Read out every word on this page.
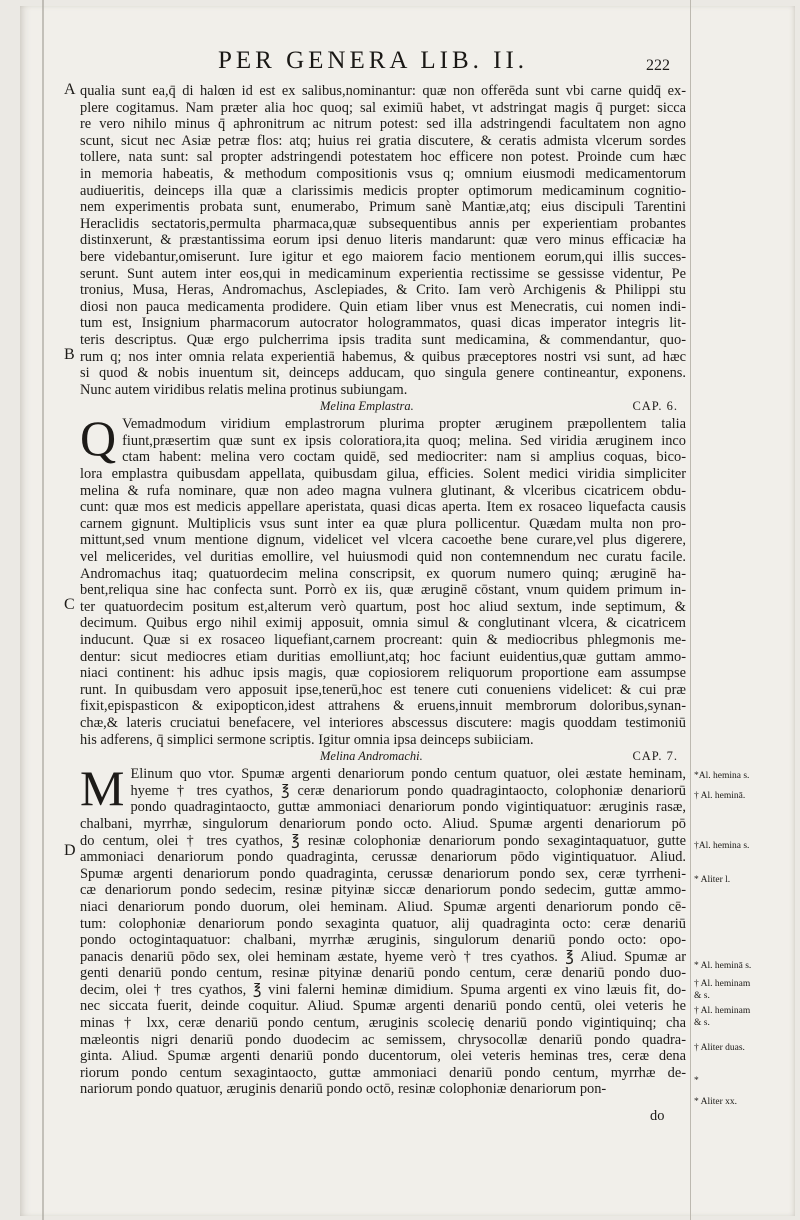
PER GENERA LIB. II.	222
A
B
C
D
qualia sunt ea,q̄ di halœn id est ex salibus,nominantur: quæ non offerēda sunt vbi carne quidq̄ ex-
plere cogitamus. Nam præter alia hoc quoq; sal eximiū habet, vt adstringat magis q̄ purget: sicca
re vero nihilo minus q̄ aphronitrum ac nitrum potest: sed illa adstringendi facultatem non agno
scunt, sicut nec Asiæ petræ flos: atq; huius rei gratia discutere, & ceratis admista vlcerum sordes
tollere, nata sunt: sal propter adstringendi potestatem hoc efficere non potest. Proinde cum hæc
in memoria habeatis, & methodum compositionis vsus q; omnium eiusmodi medicamentorum
audiueritis, deinceps illa quæ a clarissimis medicis propter optimorum medicaminum cognitio-
nem experimentis probata sunt, enumerabo, Primum sanè Mantiæ,atq; eius discipuli Tarentini
Heraclidis sectatoris,permulta pharmaca,quæ subsequentibus annis per experientiam probantes
distinxerunt, & præstantissima eorum ipsi denuo literis mandarunt: quæ vero minus efficaciæ ha
bere videbantur,omiserunt. Iure igitur et ego maiorem facio mentionem eorum,qui illis succes-
serunt. Sunt autem inter eos,qui in medicaminum experientia rectissime se gessisse videntur, Pe
tronius, Musa, Heras, Andromachus, Asclepiades, & Crito. Iam verò Archigenis & Philippi stu
diosi non pauca medicamenta prodidere. Quin etiam liber vnus est Menecratis, cui nomen indi-
tum est, Insignium pharmacorum autocrator hologrammatos, quasi dicas imperator integris lit-
teris descriptus. Quæ ergo pulcherrima ipsis tradita sunt medicamina, & commendantur, quo-
rum q; nos inter omnia relata experientiā habemus, & quibus præceptores nostri vsi sunt, ad hæc
si quod & nobis inuentum sit, deinceps adducam, quo singula genere contineantur, exponens.
Nunc autem viridibus relatis melina protinus subiungam.
Melina Emplastra.	CAP. 6.
Q Vemadmodum viridium emplastrorum plurima propter æruginem præpollentem talia
fiunt,præsertim quæ sunt ex ipsis coloratiora,ita quoq; melina. Sed viridia æruginem inco
ctam habent: melina vero coctam quidē, sed mediocriter: nam si amplius coquas, bico-
lora emplastra quibusdam appellata, quibusdam gilua, efficies. Solent medici viridia simpliciter
melina & rufa nominare, quæ non adeo magna vulnera glutinant, & vlceribus cicatricem obdu-
cunt: quæ mos est medicis appellare aperistata, quasi dicas aperta. Item ex rosaceo liquefacta causis
carnem gignunt. Multiplicis vsus sunt inter ea quæ plura pollicentur. Quædam multa non pro-
mittunt,sed vnum mentione dignum, videlicet vel vlcera cacoethe bene curare,vel plus digerere,
vel melicerides, vel duritias emollire, vel huiusmodi quid non contemnendum nec curatu facile.
Andromachus itaq; quatuordecim melina conscripsit, ex quorum numero quinq; æruginē ha-
bent,reliqua sine hac confecta sunt. Porrò ex iis, quæ æruginē cōstant, vnum quidem primum in-
ter quatuordecim positum est,alterum verò quartum, post hoc aliud sextum, inde septimum, &
decimum. Quibus ergo nihil eximij apposuit, omnia simul & conglutinant vlcera, & cicatricem
inducunt. Quæ si ex rosaceo liquefiant,carnem procreant: quin & mediocribus phlegmonis me-
dentur: sicut mediocres etiam duritias emolliunt,atq; hoc faciunt euidentius,quæ guttam ammo-
niaci continent: his adhuc ipsis magis, quæ copiosiorem reliquorum proportione eam assumpse
runt. In quibusdam vero apposuit ipse,tenerū,hoc est tenere cuti conueniens videlicet: & cui præ
fixit,epispasticon & exipopticon,idest attrahens & eruens,innuit membrorum doloribus,synan-
chæ,& lateris cruciatui benefacere, vel interiores abscessus discutere: magis quoddam testimoniū
his adferens, q̄ simplici sermone scriptis. Igitur omnia ipsa deinceps subiiciam.
Melina Andromachi.	CAP. 7.
M Elinum quo vtor. Spumæ argenti denariorum pondo centum quatuor, olei æstate heminam,
hyeme † tres cyathos, ℥ ceræ denariorum pondo quadragintaocto, colophoniæ denariorū
pondo quadragintaocto, guttæ ammoniaci denariorum pondo vigintiquatuor: æruginis rasæ,
chalbani, myrrhæ, singulorum denariorum pondo octo. Aliud. Spumæ argenti denariorum pō
do centum, olei † tres cyathos, ℥ resinæ colophoniæ denariorum pondo sexagintaquatuor, gutte
ammoniaci denariorum pondo quadraginta, cerussæ denariorum pōdo vigintiquatuor. Aliud.
Spumæ argenti denariorum pondo quadraginta, cerussæ denariorum pondo sex, ceræ tyrrheni-
cæ denariorum pondo sedecim, resinæ pityinæ siccæ denariorum pondo sedecim, guttæ ammo-
niaci denariorum pondo duorum, olei heminam. Aliud. Spumæ argenti denariorum pondo cē-
tum: colophoniæ denariorum pondo sexaginta quatuor, alij quadraginta octo: ceræ denariū
pondo octogintaquatuor: chalbani, myrrhæ æruginis, singulorum denariū pondo octo: opo-
panacis denariū pōdo sex, olei heminam æstate, hyeme verò † tres cyathos. ℥ Aliud. Spumæ ar
genti denariū pondo centum, resinæ pityinæ denariū pondo centum, ceræ denariū pondo duo-
decim, olei † tres cyathos, ℥ vini falerni heminæ dimidium. Spuma argenti ex vino læuis fit, do-
nec siccata fuerit, deinde coquitur. Aliud. Spumæ argenti denariū pondo centū, olei veteris he
minas † lxx, ceræ denariū pondo centum, æruginis scolecię denariū pondo vigintiquinq; cha
mæleontis nigri denariū pondo duodecim ac semissem, chrysocollæ denariū pondo quadra-
ginta. Aliud. Spumæ argenti denariū pondo ducentorum, olei veteris heminas tres, ceræ dena
riorum pondo centum sexagintaocto, guttæ ammoniaci denariū pondo centum, myrrhæ de-
nariorum pondo quatuor, æruginis denariū pondo octō, resinæ colophoniæ denariorum pon-
do
*Al. hemina s.
† Al. heminā.
†Al. hemina s.
* Aliter l.
* Al. heminā s.
† Al. heminam
& s.
† Al. heminam
& s.
† Aliter duas.
*
* Aliter xx.
